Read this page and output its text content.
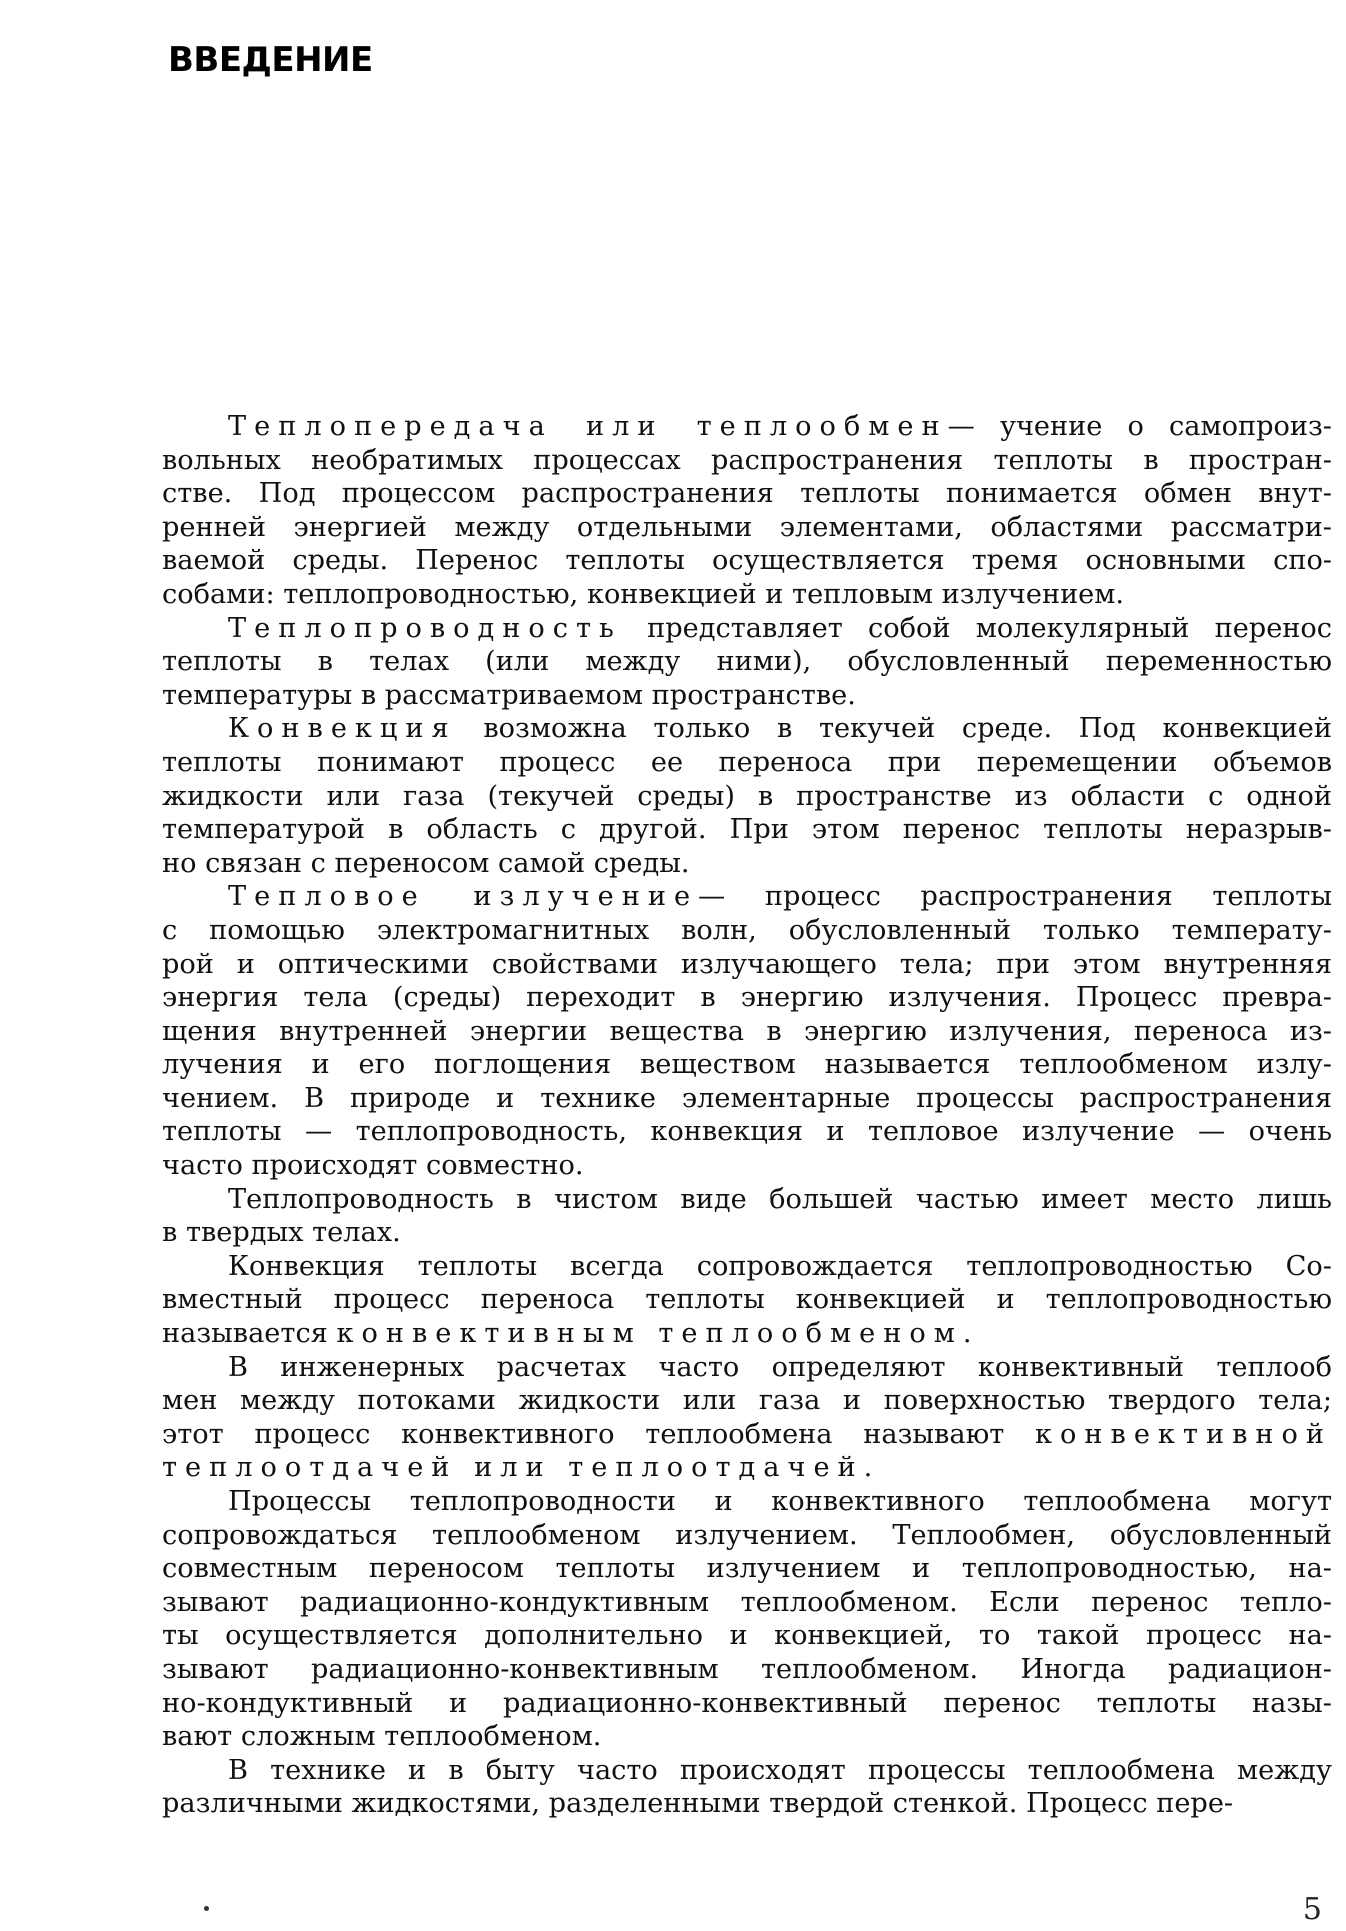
ВВЕДЕНИЕ
Теплопередача или теплообмен— учение о самопроиз-
вольных необратимых процессах распространения теплоты в простран-
стве. Под процессом распространения теплоты понимается обмен внут-
ренней энергией между отдельными элементами, областями рассматри-
ваемой среды. Перенос теплоты осуществляется тремя основными спо-
собами: теплопроводностью, конвекцией и тепловым излучением.
Теплопроводность представляет собой молекулярный перенос
теплоты в телах (или между ними), обусловленный переменностью
температуры в рассматриваемом пространстве.
Конвекция возможна только в текучей среде. Под конвекцией
теплоты понимают процесс ее переноса при перемещении объемов
жидкости или газа (текучей среды) в пространстве из области с одной
температурой в область с другой. При этом перенос теплоты неразрыв-
но связан с переносом самой среды.
Тепловое излучение— процесс распространения теплоты
с помощью электромагнитных волн, обусловленный только температу-
рой и оптическими свойствами излучающего тела; при этом внутренняя
энергия тела (среды) переходит в энергию излучения. Процесс превра-
щения внутренней энергии вещества в энергию излучения, переноса из-
лучения и его поглощения веществом называется теплообменом излу-
чением. В природе и технике элементарные процессы распространения
теплоты — теплопроводность, конвекция и тепловое излучение — очень
часто происходят совместно.
Теплопроводность в чистом виде большей частью имеет место лишь
в твердых телах.
Конвекция теплоты всегда сопровождается теплопроводностью Со-
вместный процесс переноса теплоты конвекцией и теплопроводностью
называется конвективным теплообменом.
В инженерных расчетах часто определяют конвективный теплооб
мен между потоками жидкости или газа и поверхностью твердого тела;
этот процесс конвективного теплообмена называют конвективной
теплоотдачей или теплоотдачей.
Процессы теплопроводности и конвективного теплообмена могут
сопровождаться теплообменом излучением. Теплообмен, обусловленный
совместным переносом теплоты излучением и теплопроводностью, на-
зывают радиационно-кондуктивным теплообменом. Если перенос тепло-
ты осуществляется дополнительно и конвекцией, то такой процесс на-
зывают радиационно-конвективным теплообменом. Иногда радиацион-
но-кондуктивный и радиационно-конвективный перенос теплоты назы-
вают сложным теплообменом.
В технике и в быту часто происходят процессы теплообмена между
различными жидкостями, разделенными твердой стенкой. Процесс пере-
5
